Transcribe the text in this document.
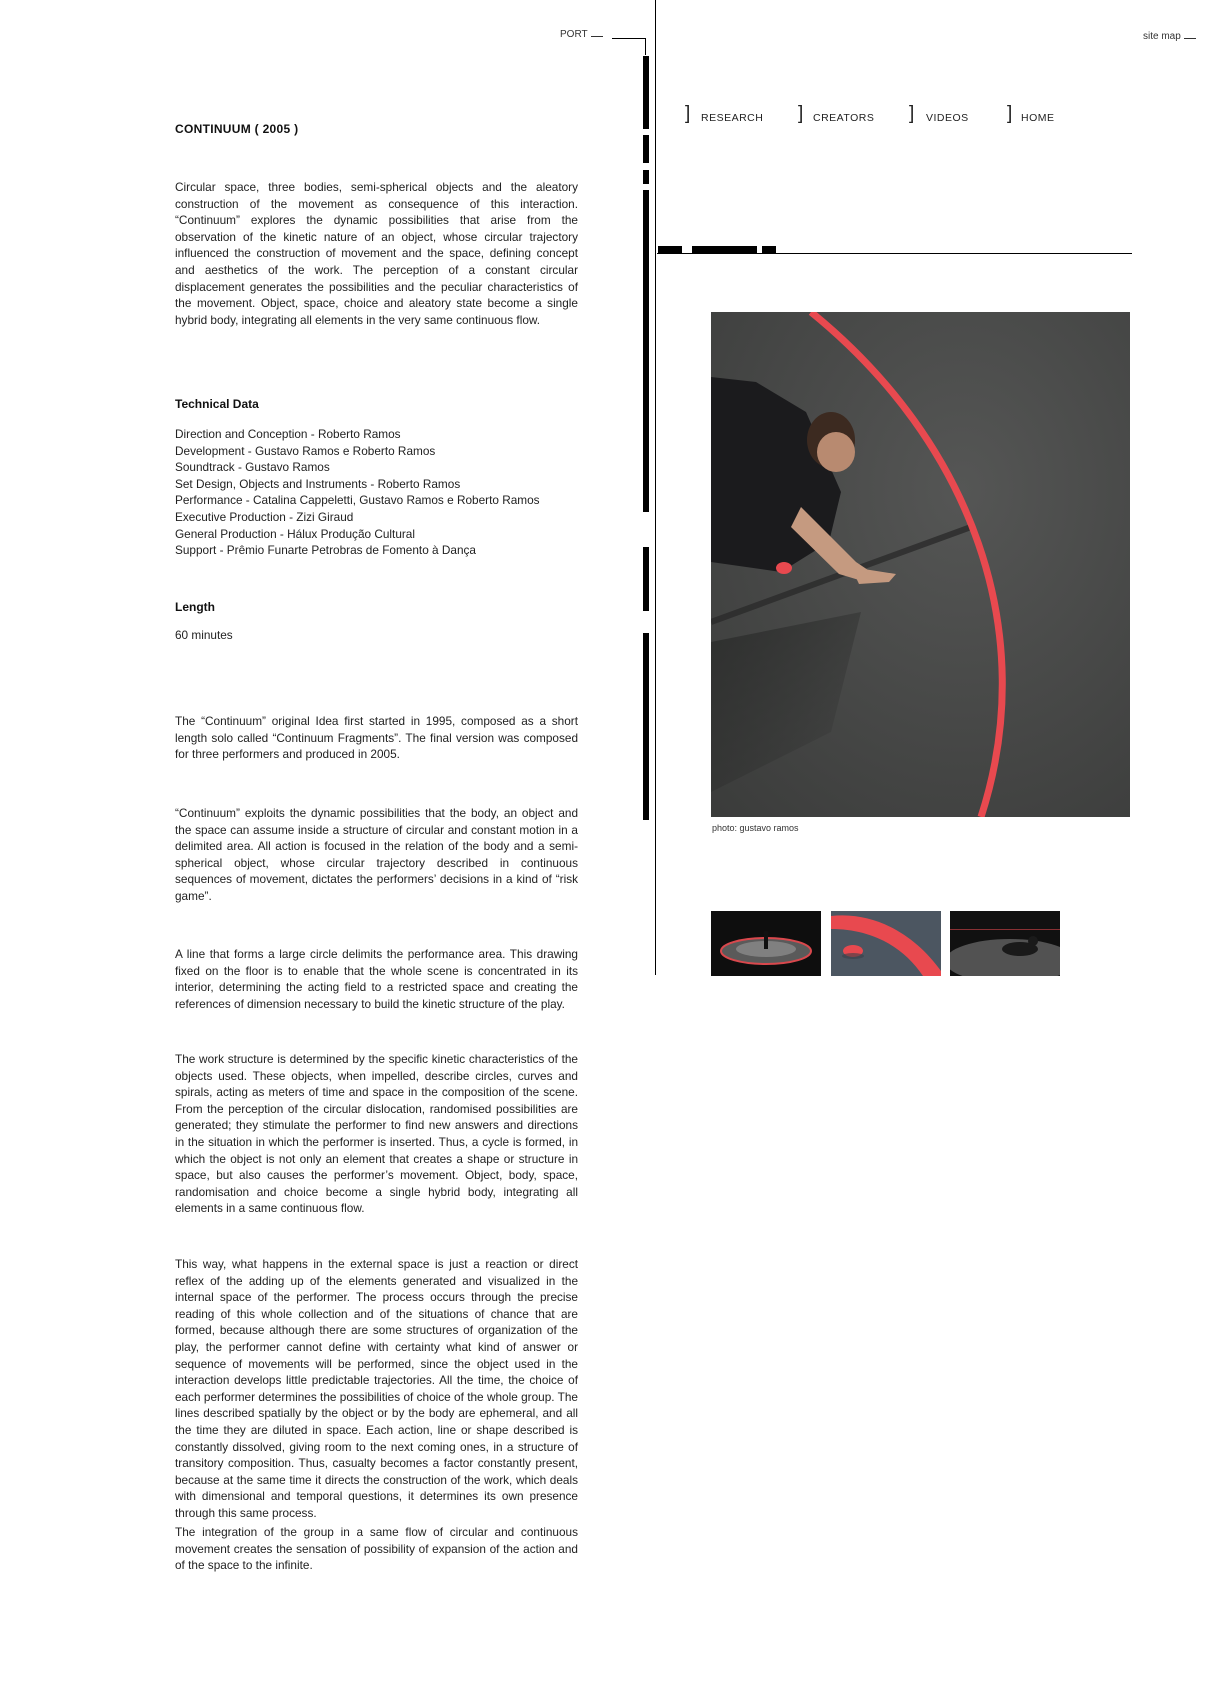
PORT	site map
] RESEARCH ] CREATORS ] VIDEOS ] HOME
photo: gustavo ramos
CONTINUUM ( 2005 )
Circular space, three bodies, semi-spherical objects and the aleatory construction of the movement as consequence of this interaction. “Continuum” explores the dynamic possibilities that arise from the observation of the kinetic nature of an object, whose circular trajectory influenced the construction of movement and the space, defining concept and aesthetics of the work. The perception of a constant circular displacement generates the possibilities and the peculiar characteristics of the movement. Object, space, choice and aleatory state become a single hybrid body, integrating all elements in the very same continuous flow.
Technical Data
Direction and Conception - Roberto Ramos
Development - Gustavo Ramos e Roberto Ramos
Soundtrack - Gustavo Ramos
Set Design, Objects and Instruments - Roberto Ramos
Performance - Catalina Cappeletti, Gustavo Ramos e Roberto Ramos
Executive Production - Zizi Giraud
General Production - Hálux Produção Cultural
Support - Prêmio Funarte Petrobras de Fomento à Dança
Length
60 minutes
The “Continuum” original Idea first started in 1995, composed as a short length solo called “Continuum Fragments”. The final version was composed for three performers and produced in 2005.
“Continuum” exploits the dynamic possibilities that the body, an object and the space can assume inside a structure of circular and constant motion in a delimited area. All action is focused in the relation of the body and a semi-spherical object, whose circular trajectory described in continuous sequences of movement, dictates the performers’ decisions in a kind of “risk game”.
A line that forms a large circle delimits the performance area. This drawing fixed on the floor is to enable that the whole scene is concentrated in its interior, determining the acting field to a restricted space and creating the references of dimension necessary to build the kinetic structure of the play.
The work structure is determined by the specific kinetic characteristics of the objects used. These objects, when impelled, describe circles, curves and spirals, acting as meters of time and space in the composition of the scene. From the perception of the circular dislocation, randomised possibilities are generated; they stimulate the performer to find new answers and directions in the situation in which the performer is inserted. Thus, a cycle is formed, in which the object is not only an element that creates a shape or structure in space, but also causes the performer’s movement. Object, body, space, randomisation and choice become a single hybrid body, integrating all elements in a same continuous flow.
This way, what happens in the external space is just a reaction or direct reflex of the adding up of the elements generated and visualized in the internal space of the performer. The process occurs through the precise reading of this whole collection and of the situations of chance that are formed, because although there are some structures of organization of the play, the performer cannot define with certainty what kind of answer or sequence of movements will be performed, since the object used in the interaction develops little predictable trajectories. All the time, the choice of each performer determines the possibilities of choice of the whole group. The lines described spatially by the object or by the body are ephemeral, and all the time they are diluted in space. Each action, line or shape described is constantly dissolved, giving room to the next coming ones, in a structure of transitory composition. Thus, casualty becomes a factor constantly present, because at the same time it directs the construction of the work, which deals with dimensional and temporal questions, it determines its own presence through this same process.
The integration of the group in a same flow of circular and continuous movement creates the sensation of possibility of expansion of the action and of the space to the infinite.
